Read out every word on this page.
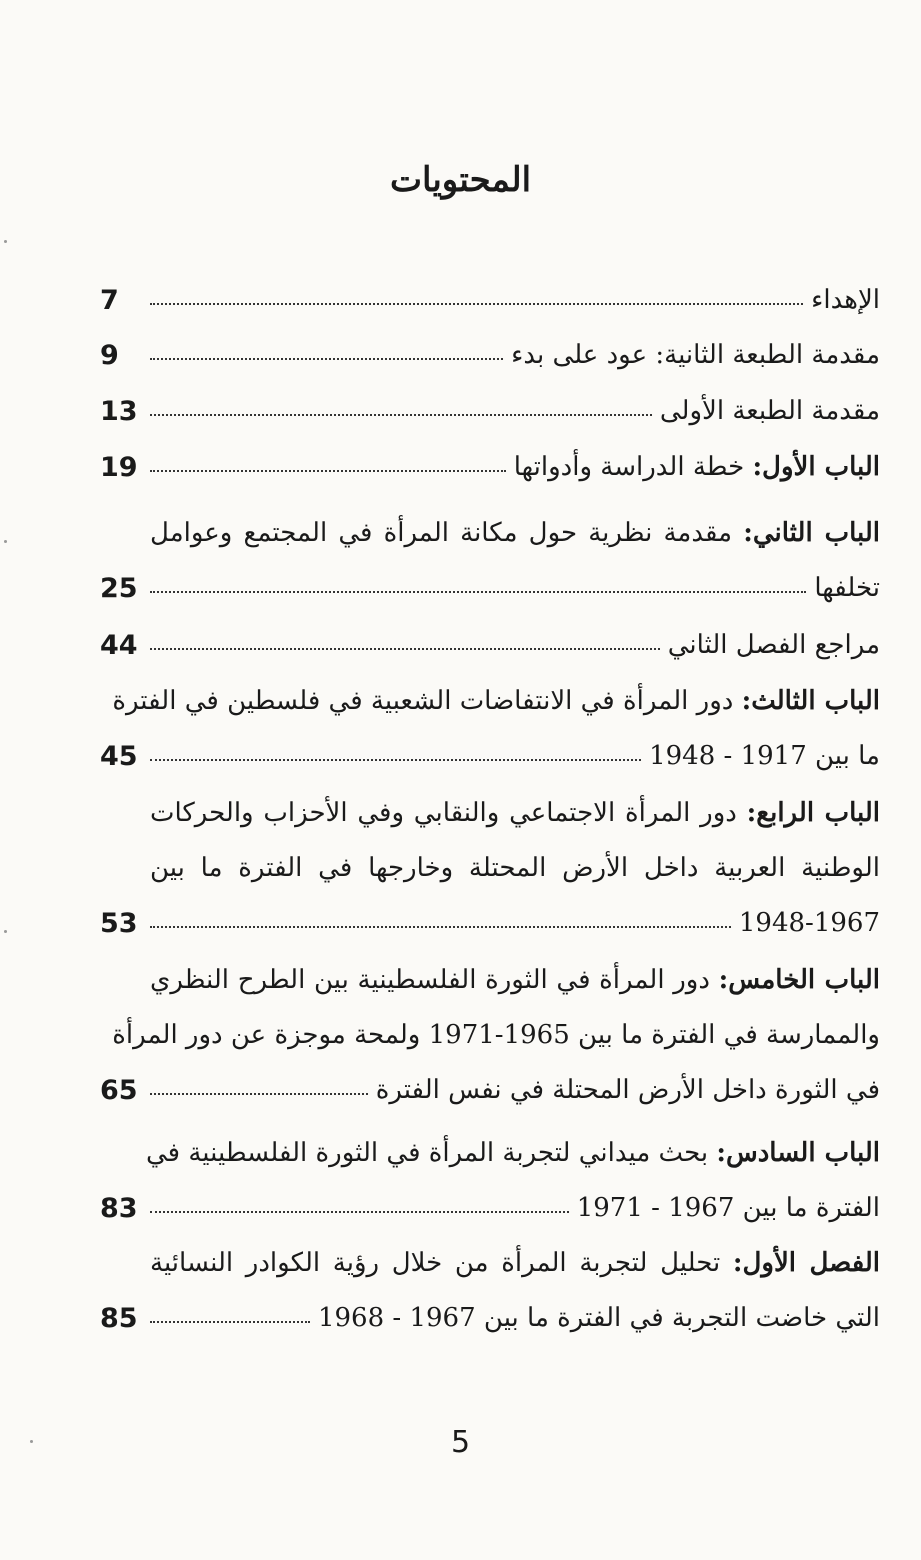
المحتويات
الإهداء
7
مقدمة الطبعة الثانية: عود على بدء
9
مقدمة الطبعة الأولى
13
الباب الأول: خطة الدراسة وأدواتها
19
الباب الثاني: مقدمة نظرية حول مكانة المرأة في المجتمع وعوامل
تخلفها
25
مراجع الفصل الثاني
44
الباب الثالث: دور المرأة في الانتفاضات الشعبية في فلسطين في الفترة
ما بين 1917 - 1948
45
الباب الرابع: دور المرأة الاجتماعي والنقابي وفي الأحزاب والحركات
الوطنية العربية داخل الأرض المحتلة وخارجها في الفترة ما بين
1948-1967
53
الباب الخامس: دور المرأة في الثورة الفلسطينية بين الطرح النظري
والممارسة في الفترة ما بين 1965-1971 ولمحة موجزة عن دور المرأة
في الثورة داخل الأرض المحتلة في نفس الفترة
65
الباب السادس: بحث ميداني لتجربة المرأة في الثورة الفلسطينية في
الفترة ما بين 1967 - 1971
83
الفصل الأول: تحليل لتجربة المرأة من خلال رؤية الكوادر النسائية
التي خاضت التجربة في الفترة ما بين 1967 - 1968
85
5
